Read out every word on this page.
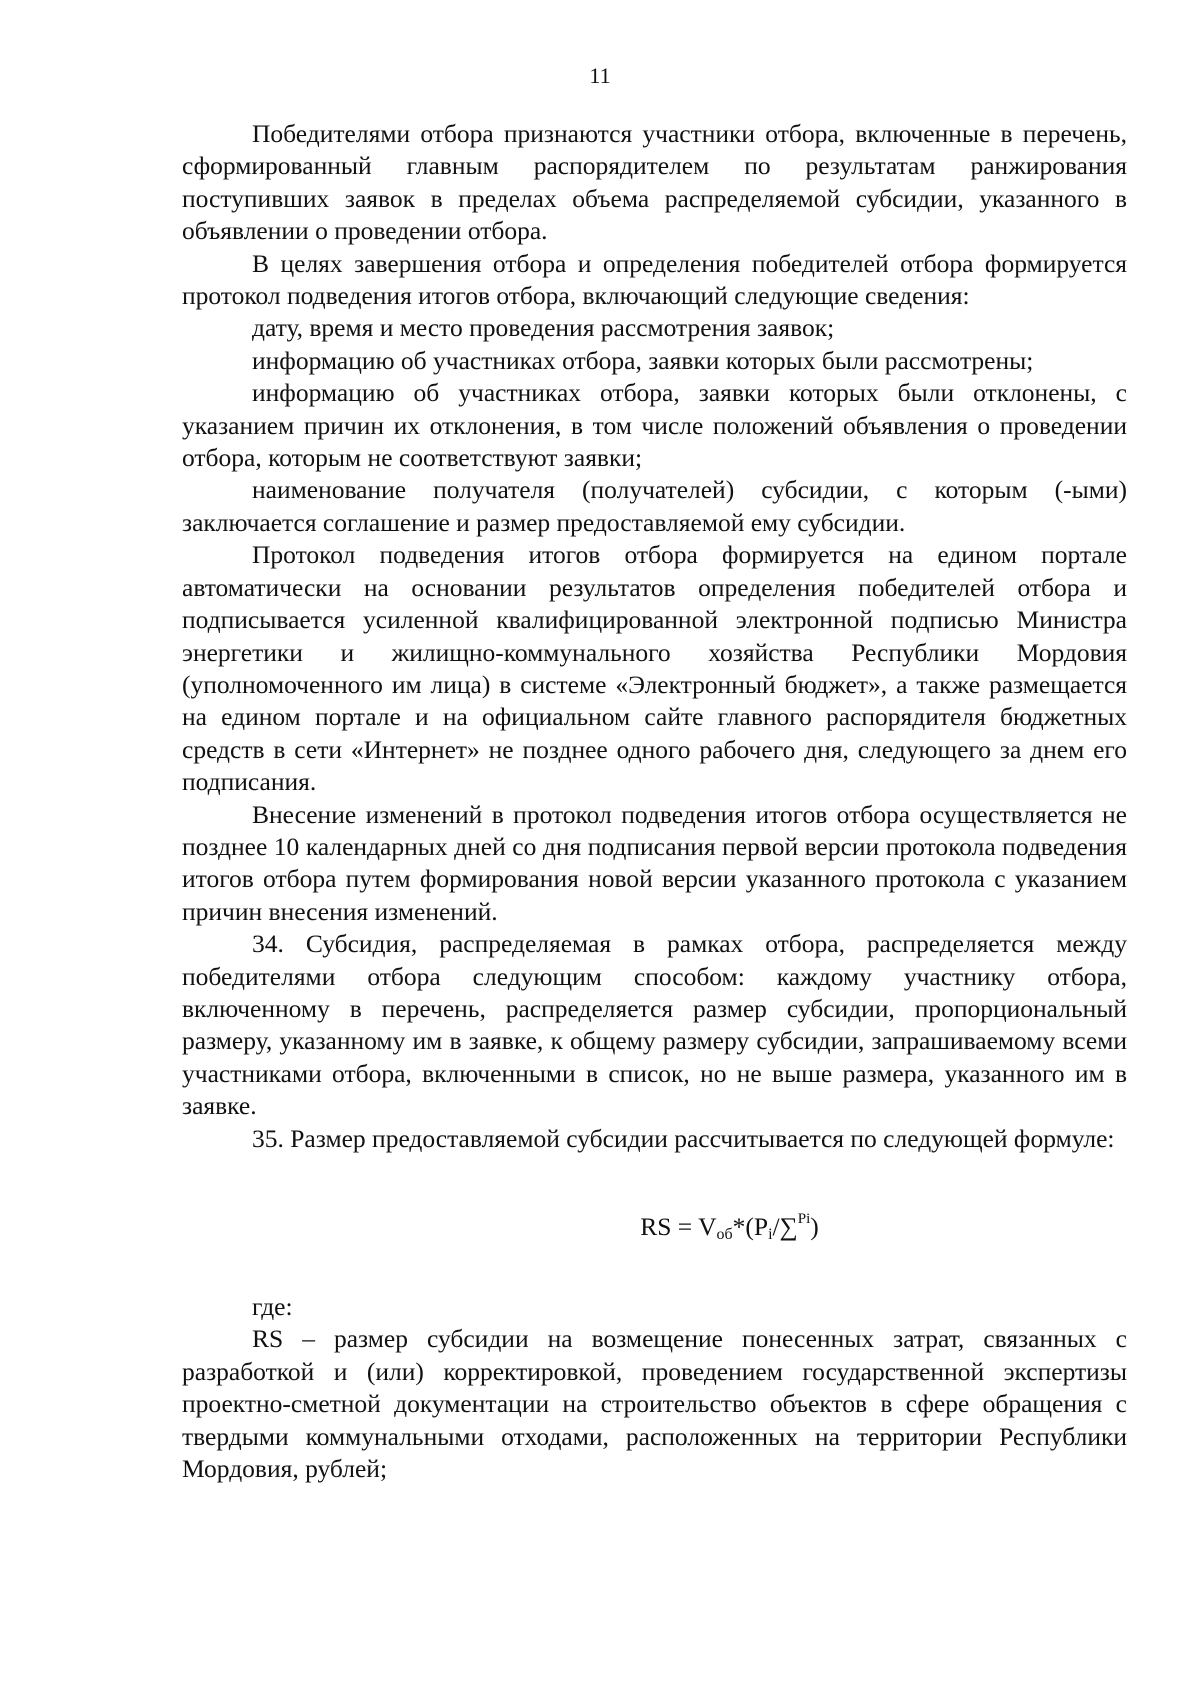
11

Победителями отбора признаются участники отбора, включенные в перечень, сформированный главным распорядителем по результатам ранжирования поступивших заявок в пределах объема распределяемой субсидии, указанного в объявлении о проведении отбора.

В целях завершения отбора и определения победителей отбора формируется протокол подведения итогов отбора, включающий следующие сведения:

дату, время и место проведения рассмотрения заявок;

информацию об участниках отбора, заявки которых были рассмотрены;

информацию об участниках отбора, заявки которых были отклонены, с указанием причин их отклонения, в том числе положений объявления о проведении отбора, которым не соответствуют заявки;

наименование получателя (получателей) субсидии, с которым (-ыми) заключается соглашение и размер предоставляемой ему субсидии.

Протокол подведения итогов отбора формируется на едином портале автоматически на основании результатов определения победителей отбора и подписывается усиленной квалифицированной электронной подписью Министра энергетики и жилищно-коммунального хозяйства Республики Мордовия (уполномоченного им лица) в системе «Электронный бюджет», а также размещается на едином портале и на официальном сайте главного распорядителя бюджетных средств в сети «Интернет» не позднее одного рабочего дня, следующего за днем его подписания.

Внесение изменений в протокол подведения итогов отбора осуществляется не позднее 10 календарных дней со дня подписания первой версии протокола подведения итогов отбора путем формирования новой версии указанного протокола с указанием причин внесения изменений.

34. Субсидия, распределяемая в рамках отбора, распределяется между победителями отбора следующим способом: каждому участнику отбора, включенному в перечень, распределяется размер субсидии, пропорциональный размеру, указанному им в заявке, к общему размеру субсидии, запрашиваемому всеми участниками отбора, включенными в список, но не выше размера, указанного им в заявке.

35. Размер предоставляемой субсидии рассчитывается по следующей формуле:

RS = $V_{об}*(P_i/\sum^{Pi})$

где:

RS – размер субсидии на возмещение понесенных затрат, связанных с разработкой и (или) корректировкой, проведением государственной экспертизы проектно-сметной документации на строительство объектов в сфере обращения с твердыми коммунальными отходами, расположенных на территории Республики Мордовия, рублей;
